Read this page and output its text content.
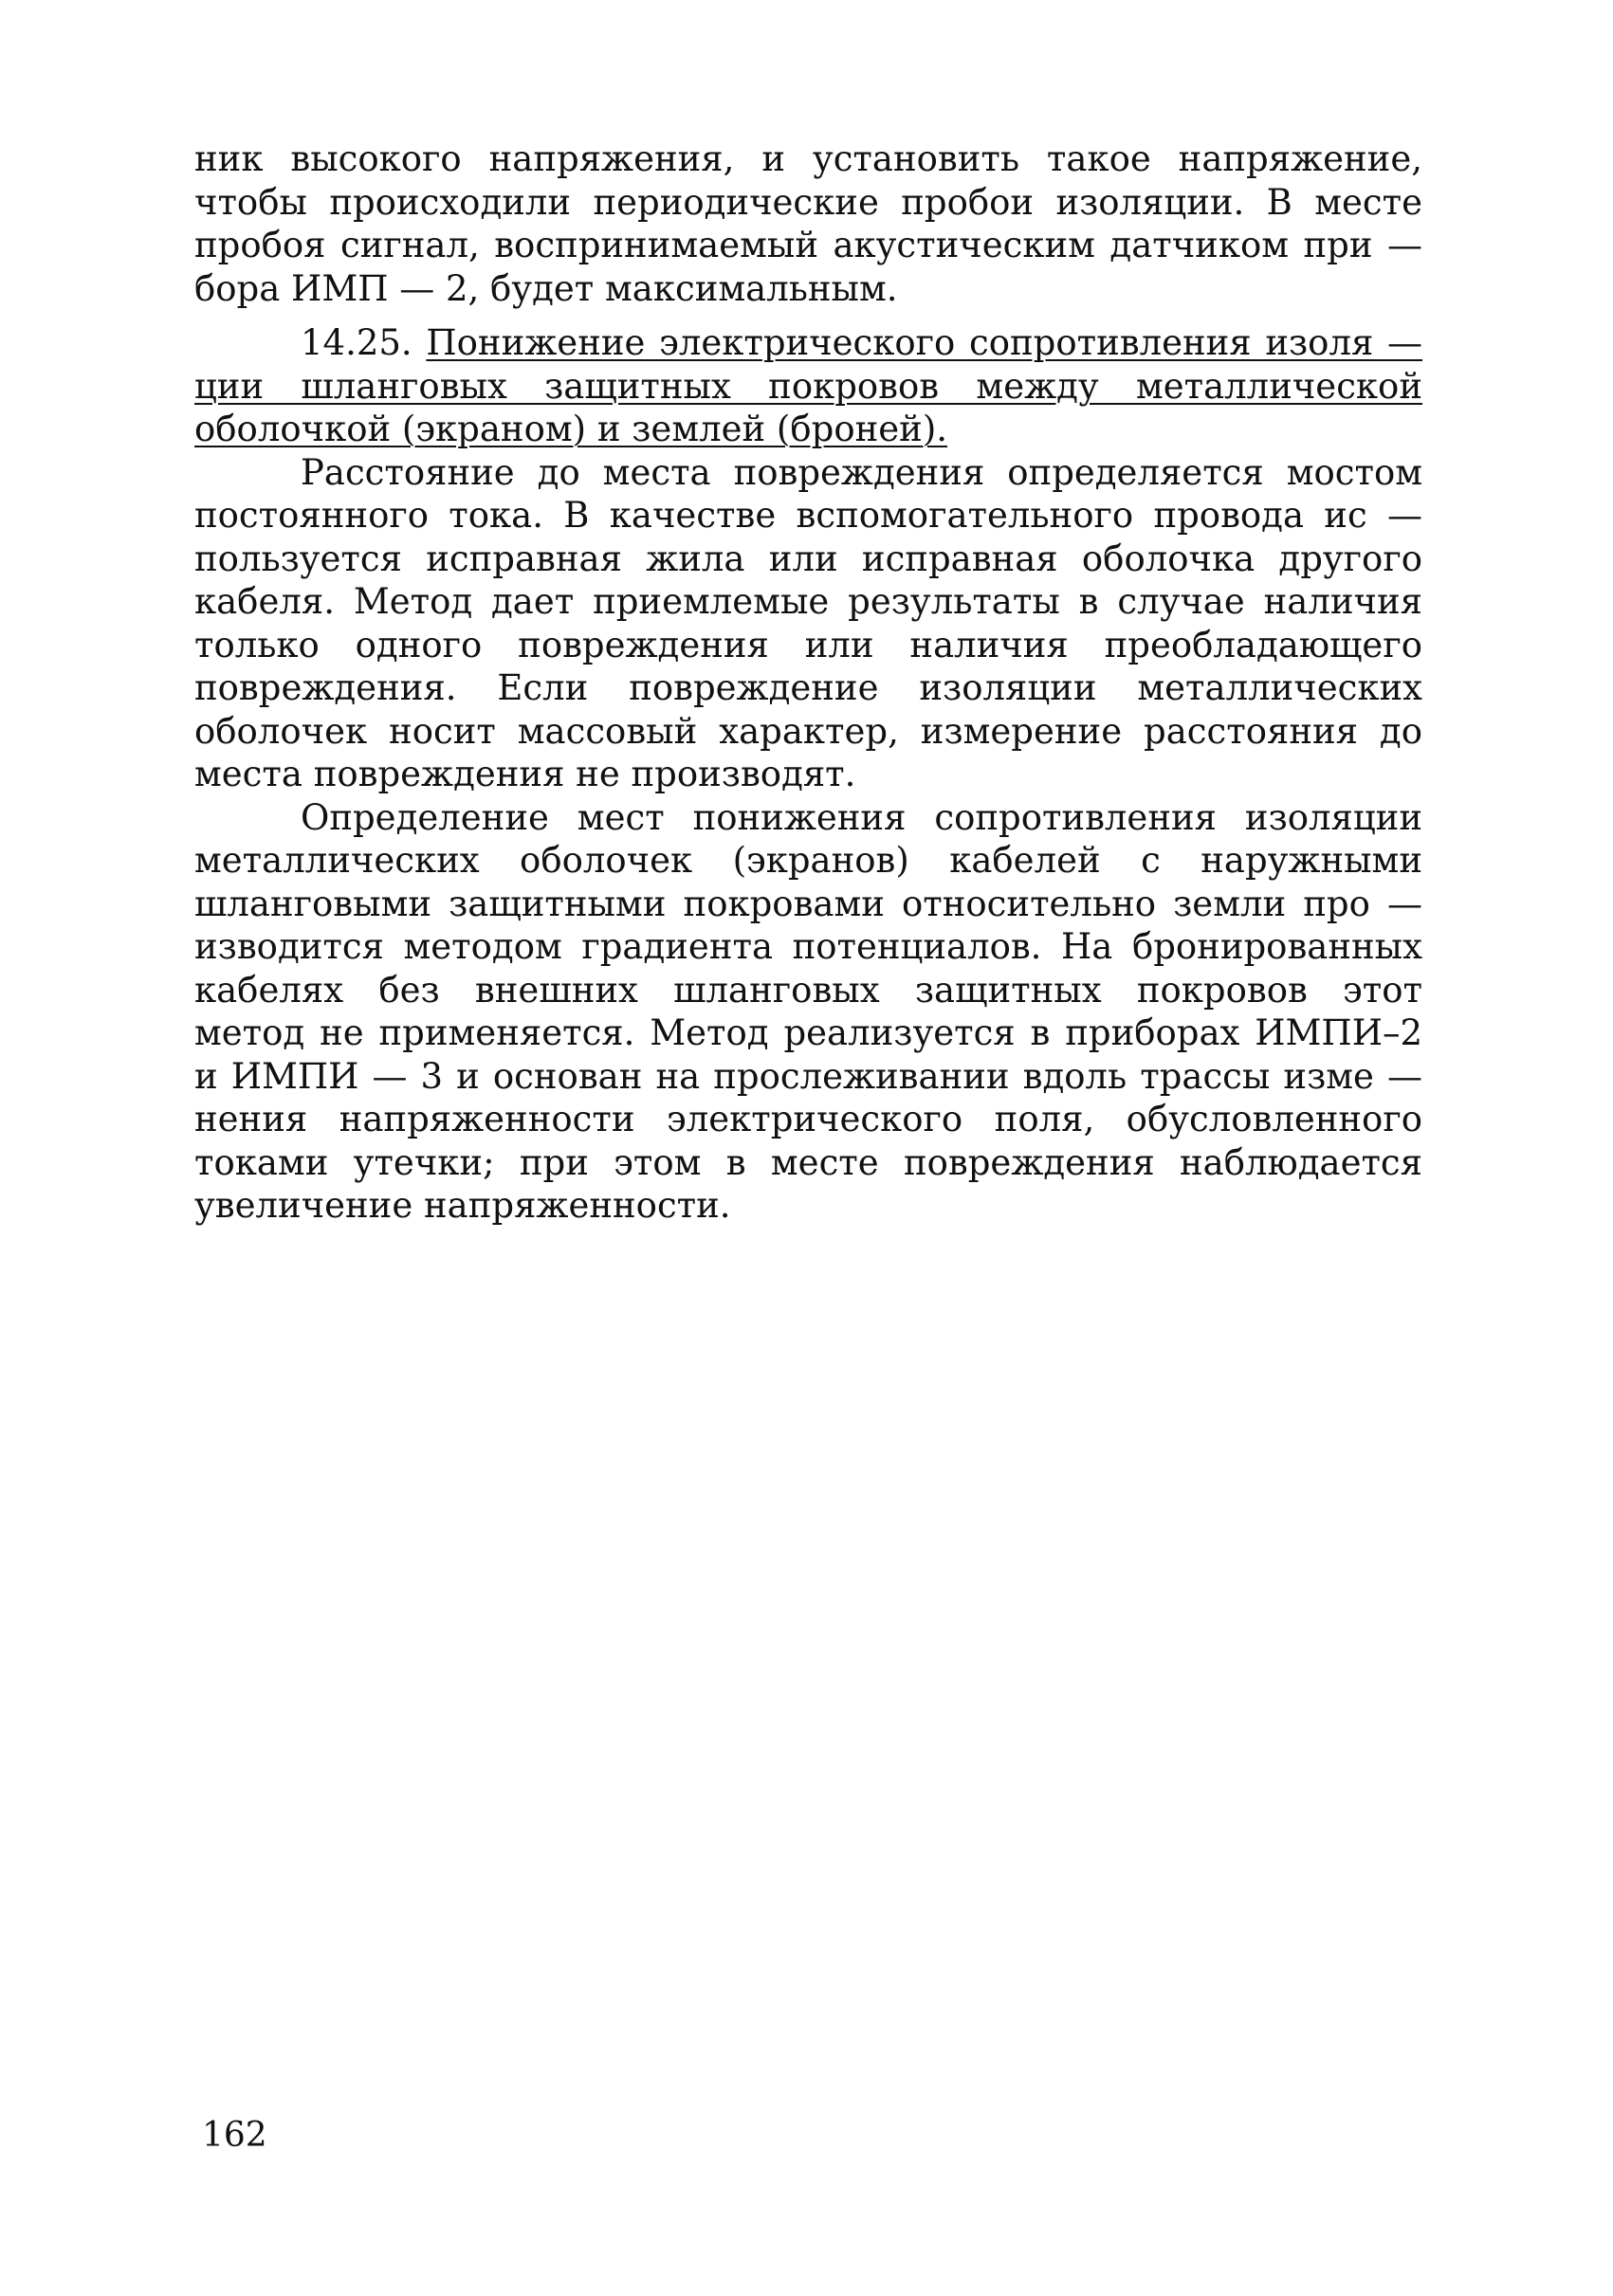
ник высокого напряжения, и установить такое напряжение,
чтобы происходили периодические пробои изоляции. В месте
пробоя сигнал, воспринимаемый акустическим датчиком при —
бора ИМП — 2, будет максимальным.
14.25. Понижение электрического сопротивления изоля —
ции шланговых защитных покровов между металлической
оболочкой (экраном) и землей (броней).
Расстояние до места повреждения определяется мостом
постоянного тока. В качестве вспомогательного провода ис —
пользуется исправная жила или исправная оболочка другого
кабеля. Метод дает приемлемые результаты в случае наличия
только одного повреждения или наличия преобладающего
повреждения. Если повреждение изоляции металлических
оболочек носит массовый характер, измерение расстояния до
места повреждения не производят.
Определение мест понижения сопротивления изоляции
металлических оболочек (экранов) кабелей с наружными
шланговыми защитными покровами относительно земли про —
изводится методом градиента потенциалов. На бронированных
кабелях без внешних шланговых защитных покровов этот
метод не применяется. Метод реализуется в приборах ИМПИ–2
и ИМПИ — 3 и основан на прослеживании вдоль трассы изме —
нения напряженности электрического поля, обусловленного
токами утечки; при этом в месте повреждения наблюдается
увеличение напряженности.
162
